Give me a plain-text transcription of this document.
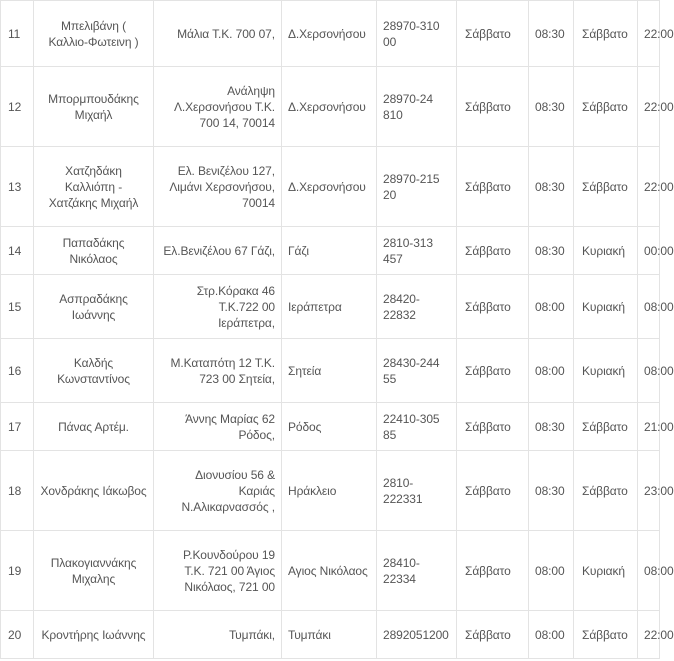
11	Μπελιβάνη ( Καλλιο-Φωτεινη )	Μάλια Τ.Κ. 700 07,	Δ.Χερσονήσου	28970-310 00	Σάββατο	08:30	Σάββατο	22:00
12	Μπορμπουδάκης Μιχαήλ	Ανάληψη Λ.Χερσονήσου Τ.Κ. 700 14, 70014	Δ.Χερσονήσου	28970-24 810	Σάββατο	08:30	Σάββατο	22:00
13	Χατζηδάκη Καλλιόπη - Χατζάκης Μιχαήλ	Ελ. Βενιζέλου 127, Λιμάνι Χερσονήσου, 70014	Δ.Χερσονήσου	28970-215 20	Σάββατο	08:30	Σάββατο	22:00
14	Παπαδάκης Νικόλαος	Ελ.Βενιζέλου 67 Γάζι,	Γάζι	2810-313 457	Σάββατο	08:30	Κυριακή	00:00
15	Ασπραδάκης Ιωάννης	Στρ.Κόρακα 46 Τ.Κ.722 00 Ιεράπετρα,	Ιεράπετρα	28420-22832	Σάββατο	08:00	Κυριακή	08:00
16	Καλδής Κωνσταντίνος	Μ.Καταπότη 12 Τ.Κ. 723 00 Σητεία,	Σητεία	28430-244 55	Σάββατο	08:00	Κυριακή	08:00
17	Πάνας Αρτέμ.	Άννης Μαρίας 62 Ρόδος,	Ρόδος	22410-305 85	Σάββατο	08:30	Σάββατο	21:00
18	Χονδράκης Ιάκωβος	Διονυσίου 56 & Καριάς Ν.Αλικαρνασσός ,	Ηράκλειο	2810-222331	Σάββατο	08:30	Σάββατο	23:00
19	Πλακογιαννάκης Μιχαλης	Ρ.Κουνδούρου 19 Τ.Κ. 721 00 Άγιος Νικόλαος, 721 00	Αγιος Νικόλαος	28410-22334	Σάββατο	08:00	Κυριακή	08:00
20	Κροντήρης Ιωάννης	Τυμπάκι,	Τυμπάκι	2892051200	Σάββατο	08:00	Σάββατο	22:00
